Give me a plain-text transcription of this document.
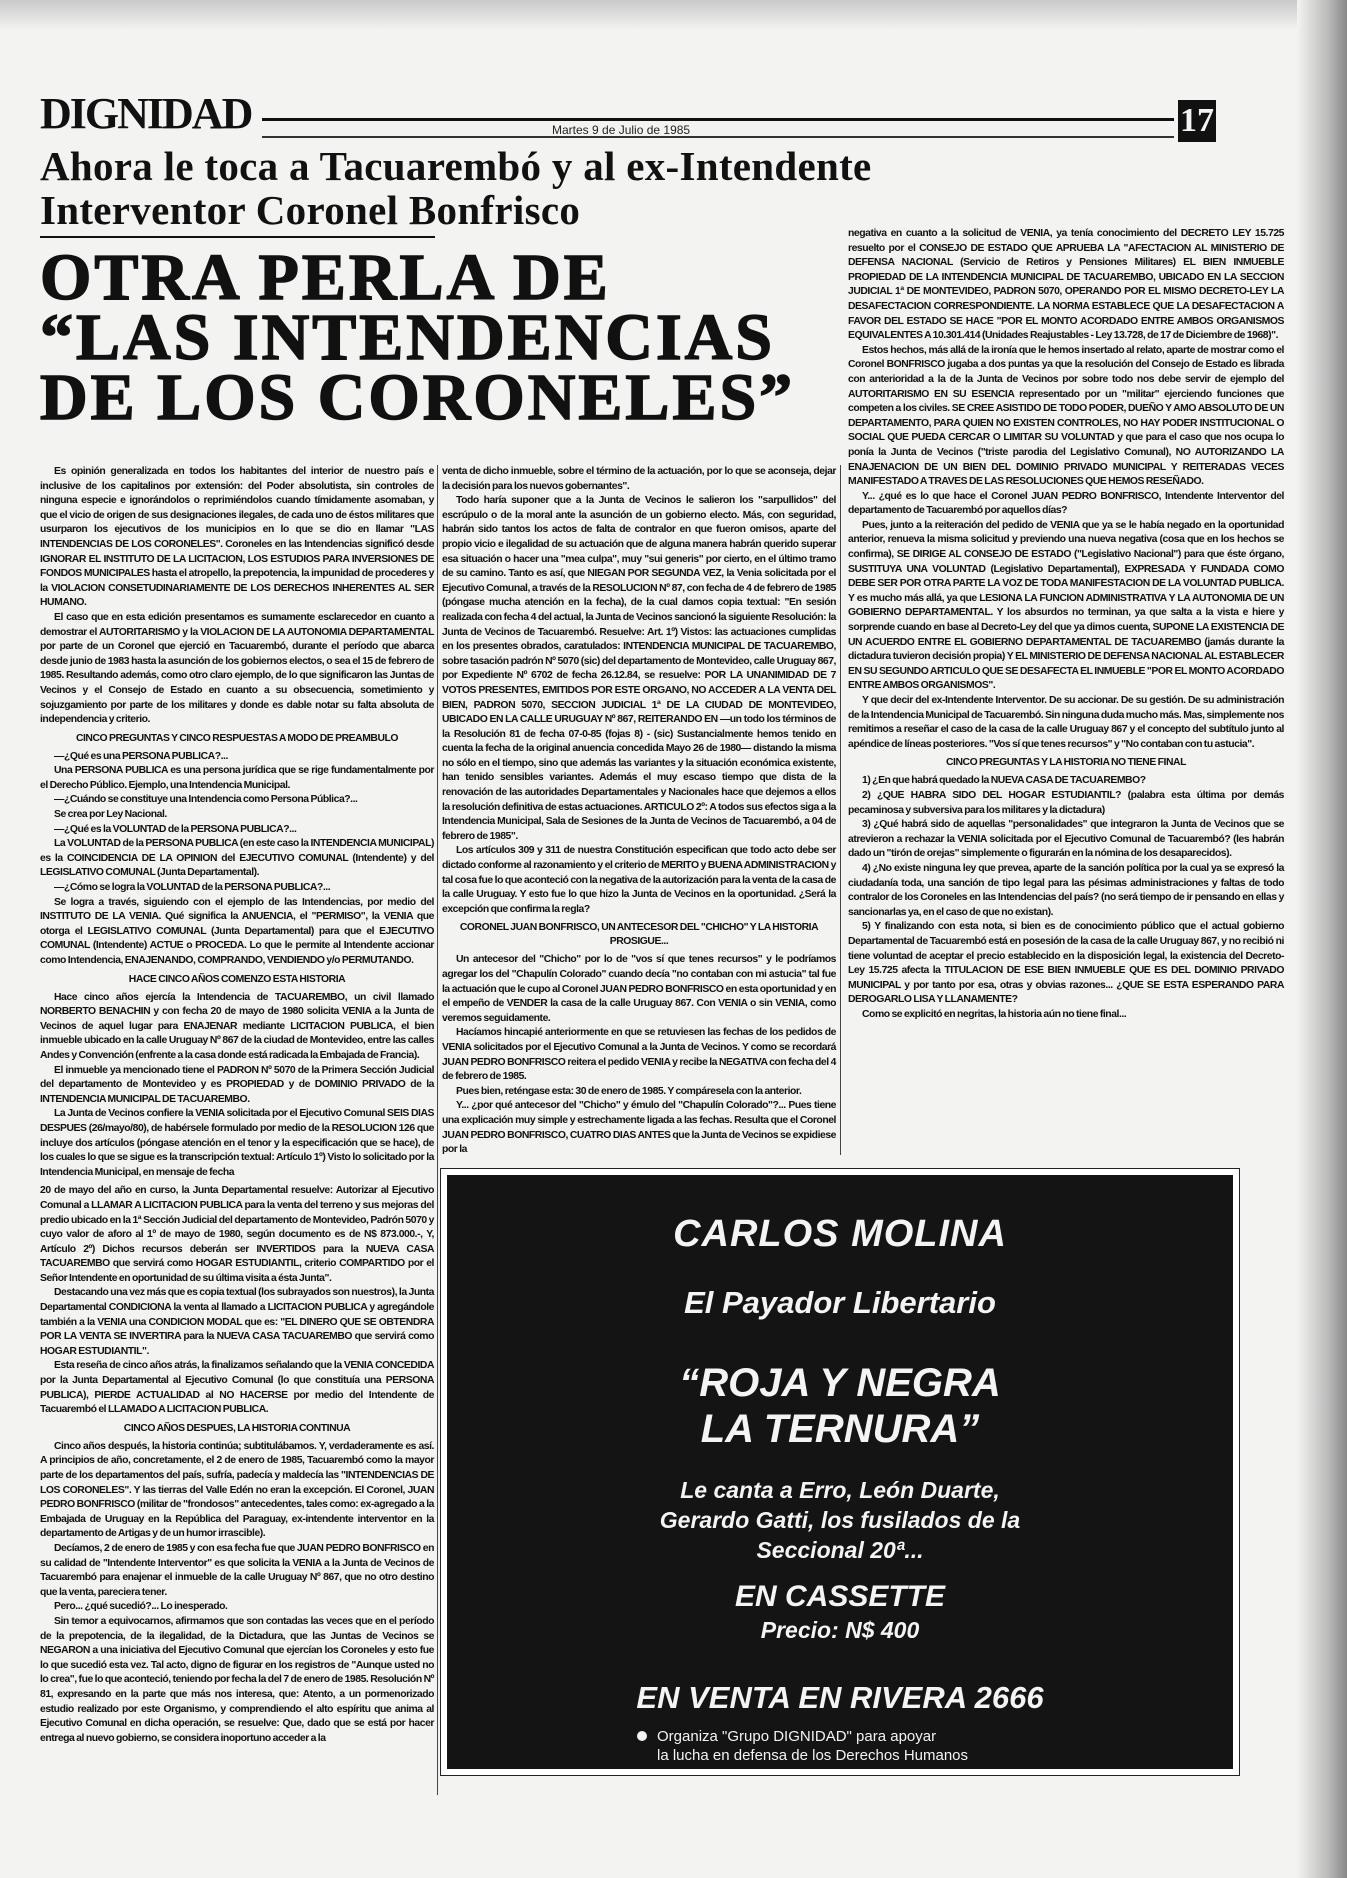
DIGNIDAD	Martes 9 de Julio de 1985	17
Ahora le toca a Tacuarembó y al ex-Intendente
Interventor Coronel Bonfrisco
OTRA PERLA DE
“LAS INTENDENCIAS
DE LOS CORONELES”

Es opinión generalizada en todos los habitantes del interior de nuestro país e inclusive de los capitalinos por extensión: del Poder absolutista, sin controles de ninguna especie e ignorándolos o reprimiéndolos cuando tímidamente asomaban, y que el vicio de origen de sus designaciones ilegales, de cada uno de éstos militares que usurparon los ejecutivos de los municipios en lo que se dio en llamar "LAS INTENDENCIAS DE LOS CORONELES". Coroneles en las Intendencias significó desde IGNORAR EL INSTITUTO DE LA LICITACION, LOS ESTUDIOS PARA INVERSIONES DE FONDOS MUNICIPALES hasta el atropello, la prepotencia, la impunidad de procederes y la VIOLACION CONSETUDINARIAMENTE DE LOS DERECHOS INHERENTES AL SER HUMANO.

El caso que en esta edición presentamos es sumamente esclarecedor en cuanto a demostrar el AUTORITARISMO y la VIOLACION DE LA AUTONOMIA DEPARTAMENTAL por parte de un Coronel que ejerció en Tacuarembó, durante el período que abarca desde junio de 1983 hasta la asunción de los gobiernos electos, o sea el 15 de febrero de 1985. Resultando además, como otro claro ejemplo, de lo que significaron las Juntas de Vecinos y el Consejo de Estado en cuanto a su obsecuencia, sometimiento y sojuzgamiento por parte de los militares y donde es dable notar su falta absoluta de independencia y criterio.

CINCO PREGUNTAS Y CINCO RESPUESTAS A MODO DE PREAMBULO

—¿Qué es una PERSONA PUBLICA?...

Una PERSONA PUBLICA es una persona jurídica que se rige fundamentalmente por el Derecho Público. Ejemplo, una Intendencia Municipal.

—¿Cuándo se constituye una Intendencia como Persona Pública?...

Se crea por Ley Nacional.

—¿Qué es la VOLUNTAD de la PERSONA PUBLICA?...

La VOLUNTAD de la PERSONA PUBLICA (en este caso la INTENDENCIA MUNICIPAL) es la COINCIDENCIA DE LA OPINION del EJECUTIVO COMUNAL (Intendente) y del LEGISLATIVO COMUNAL (Junta Departamental).

—¿Cómo se logra la VOLUNTAD de la PERSONA PUBLICA?...

Se logra a través, siguiendo con el ejemplo de las Intendencias, por medio del INSTITUTO DE LA VENIA. Qué significa la ANUENCIA, el "PERMISO", la VENIA que otorga el LEGISLATIVO COMUNAL (Junta Departamental) para que el EJECUTIVO COMUNAL (Intendente) ACTUE o PROCEDA. Lo que le permite al Intendente accionar como Intendencia, ENAJENANDO, COMPRANDO, VENDIENDO y/o PERMUTANDO.

HACE CINCO AÑOS COMENZO ESTA HISTORIA

Hace cinco años ejercía la Intendencia de TACUAREMBO, un civil llamado NORBERTO BENACHIN y con fecha 20 de mayo de 1980 solicita VENIA a la Junta de Vecinos de aquel lugar para ENAJENAR mediante LICITACION PUBLICA, el bien inmueble ubicado en la calle Uruguay Nº 867 de la ciudad de Montevideo, entre las calles Andes y Convención (enfrente a la casa donde está radicada la Embajada de Francia).

El inmueble ya mencionado tiene el PADRON Nº 5070 de la Primera Sección Judicial del departamento de Montevideo y es PROPIEDAD y de DOMINIO PRIVADO de la INTENDENCIA MUNICIPAL DE TACUAREMBO.

La Junta de Vecinos confiere la VENIA solicitada por el Ejecutivo Comunal SEIS DIAS DESPUES (26/mayo/80), de habérsele formulado por medio de la RESOLUCION 126 que incluye dos artículos (póngase atención en el tenor y la especificación que se hace), de los cuales lo que se sigue es la transcripción textual: Artículo 1º) Visto lo solicitado por la Intendencia Municipal, en mensaje de fecha

20 de mayo del año en curso, la Junta Departamental resuelve: Autorizar al Ejecutivo Comunal a LLAMAR A LICITACION PUBLICA para la venta del terreno y sus mejoras del predio ubicado en la 1ª Sección Judicial del departamento de Montevideo, Padrón 5070 y cuyo valor de aforo al 1º de mayo de 1980, según documento es de N$ 873.000.-, Y, Artículo 2º) Dichos recursos deberán ser INVERTIDOS para la NUEVA CASA TACUAREMBO que servirá como HOGAR ESTUDIANTIL, criterio COMPARTIDO por el Señor Intendente en oportunidad de su última visita a ésta Junta".

Destacando una vez más que es copia textual (los subrayados son nuestros), la Junta Departamental CONDICIONA la venta al llamado a LICITACION PUBLICA y agregándole también a la VENIA una CONDICION MODAL que es: "EL DINERO QUE SE OBTENDRA POR LA VENTA SE INVERTIRA para la NUEVA CASA TACUAREMBO que servirá como HOGAR ESTUDIANTIL".

Esta reseña de cinco años atrás, la finalizamos señalando que la VENIA CONCEDIDA por la Junta Departamental al Ejecutivo Comunal (lo que constituía una PERSONA PUBLICA), PIERDE ACTUALIDAD al NO HACERSE por medio del Intendente de Tacuarembó el LLAMADO A LICITACION PUBLICA.

CINCO AÑOS DESPUES, LA HISTORIA CONTINUA

Cinco años después, la historia continúa; subtitulábamos. Y, verdaderamente es así. A principios de año, concretamente, el 2 de enero de 1985, Tacuarembó como la mayor parte de los departamentos del país, sufría, padecía y maldecía las "INTENDENCIAS DE LOS CORONELES". Y las tierras del Valle Edén no eran la excepción. El Coronel, JUAN PEDRO BONFRISCO (militar de "frondosos" antecedentes, tales como: ex-agregado a la Embajada de Uruguay en la República del Paraguay, ex-intendente interventor en la departamento de Artigas y de un humor irrascible).

Decíamos, 2 de enero de 1985 y con esa fecha fue que JUAN PEDRO BONFRISCO en su calidad de "Intendente Interventor" es que solicita la VENIA a la Junta de Vecinos de Tacuarembó para enajenar el inmueble de la calle Uruguay Nº 867, que no otro destino que la venta, pareciera tener.

Pero... ¿qué sucedió?... Lo inesperado.

Sin temor a equivocarnos, afirmamos que son contadas las veces que en el período de la prepotencia, de la ilegalidad, de la Dictadura, que las Juntas de Vecinos se NEGARON a una iniciativa del Ejecutivo Comunal que ejercían los Coroneles y esto fue lo que sucedió esta vez. Tal acto, digno de figurar en los registros de "Aunque usted no lo crea", fue lo que aconteció, teniendo por fecha la del 7 de enero de 1985. Resolución Nº 81, expresando en la parte que más nos interesa, que: Atento, a un pormenorizado estudio realizado por este Organismo, y comprendiendo el alto espíritu que anima al Ejecutivo Comunal en dicha operación, se resuelve: Que, dado que se está por hacer entrega al nuevo gobierno, se considera inoportuno acceder a la

venta de dicho inmueble, sobre el término de la actuación, por lo que se aconseja, dejar la decisión para los nuevos gobernantes".

Todo haría suponer que a la Junta de Vecinos le salieron los "sarpullidos" del escrúpulo o de la moral ante la asunción de un gobierno electo. Más, con seguridad, habrán sido tantos los actos de falta de contralor en que fueron omisos, aparte del propio vicio e ilegalidad de su actuación que de alguna manera habrán querido superar esa situación o hacer una "mea culpa", muy "sui generis" por cierto, en el último tramo de su camino. Tanto es así, que NIEGAN POR SEGUNDA VEZ, la Venia solicitada por el Ejecutivo Comunal, a través de la RESOLUCION Nº 87, con fecha de 4 de febrero de 1985 (póngase mucha atención en la fecha), de la cual damos copia textual: "En sesión realizada con fecha 4 del actual, la Junta de Vecinos sancionó la siguiente Resolución: la Junta de Vecinos de Tacuarembó. Resuelve: Art. 1º) Vistos: las actuaciones cumplidas en los presentes obrados, caratulados: INTENDENCIA MUNICIPAL DE TACUAREMBO, sobre tasación padrón Nº 5070 (sic) del departamento de Montevideo, calle Uruguay 867, por Expediente Nº 6702 de fecha 26.12.84, se resuelve: POR LA UNANIMIDAD DE 7 VOTOS PRESENTES, EMITIDOS POR ESTE ORGANO, NO ACCEDER A LA VENTA DEL BIEN, PADRON 5070, SECCION JUDICIAL 1ª DE LA CIUDAD DE MONTEVIDEO, UBICADO EN LA CALLE URUGUAY Nº 867, REITERANDO EN —un todo los términos de la Resolución 81 de fecha 07-0-85 (fojas 8) - (sic) Sustancialmente hemos tenido en cuenta la fecha de la original anuencia concedida Mayo 26 de 1980— distando la misma no sólo en el tiempo, sino que además las variantes y la situación económica existente, han tenido sensibles variantes. Además el muy escaso tiempo que dista de la renovación de las autoridades Departamentales y Nacionales hace que dejemos a ellos la resolución definitiva de estas actuaciones. ARTICULO 2º: A todos sus efectos siga a la Intendencia Municipal, Sala de Sesiones de la Junta de Vecinos de Tacuarembó, a 04 de febrero de 1985".

Los artículos 309 y 311 de nuestra Constitución especifican que todo acto debe ser dictado conforme al razonamiento y el criterio de MERITO y BUENA ADMINISTRACION y tal cosa fue lo que aconteció con la negativa de la autorización para la venta de la casa de la calle Uruguay. Y esto fue lo que hizo la Junta de Vecinos en la oportunidad. ¿Será la excepción que confirma la regla?

CORONEL JUAN BONFRISCO, UN ANTECESOR DEL "CHICHO" Y LA HISTORIA PROSIGUE...

Un antecesor del "Chicho" por lo de "vos sí que tenes recursos" y le podríamos agregar los del "Chapulín Colorado" cuando decía "no contaban con mi astucia" tal fue la actuación que le cupo al Coronel JUAN PEDRO BONFRISCO en esta oportunidad y en el empeño de VENDER la casa de la calle Uruguay 867. Con VENIA o sin VENIA, como veremos seguidamente.

Hacíamos hincapié anteriormente en que se retuviesen las fechas de los pedidos de VENIA solicitados por el Ejecutivo Comunal a la Junta de Vecinos. Y como se recordará JUAN PEDRO BONFRISCO reitera el pedido VENIA y recibe la NEGATIVA con fecha del 4 de febrero de 1985.

Pues bien, reténgase esta: 30 de enero de 1985. Y compáresela con la anterior.

Y... ¿por qué antecesor del "Chicho" y émulo del "Chapulín Colorado"?... Pues tiene una explicación muy simple y estrechamente ligada a las fechas. Resulta que el Coronel JUAN PEDRO BONFRISCO, CUATRO DIAS ANTES que la Junta de Vecinos se expidiese por la

negativa en cuanto a la solicitud de VENIA, ya tenía conocimiento del DECRETO LEY 15.725 resuelto por el CONSEJO DE ESTADO QUE APRUEBA LA "AFECTACION AL MINISTERIO DE DEFENSA NACIONAL (Servicio de Retiros y Pensiones Militares) EL BIEN INMUEBLE PROPIEDAD DE LA INTENDENCIA MUNICIPAL DE TACUAREMBO, UBICADO EN LA SECCION JUDICIAL 1ª DE MONTEVIDEO, PADRON 5070, OPERANDO POR EL MISMO DECRETO-LEY LA DESAFECTACION CORRESPONDIENTE. LA NORMA ESTABLECE QUE LA DESAFECTACION A FAVOR DEL ESTADO SE HACE "POR EL MONTO ACORDADO ENTRE AMBOS ORGANISMOS EQUIVALENTES A 10.301.414 (Unidades Reajustables - Ley 13.728, de 17 de Diciembre de 1968)".

Estos hechos, más allá de la ironía que le hemos insertado al relato, aparte de mostrar como el Coronel BONFRISCO jugaba a dos puntas ya que la resolución del Consejo de Estado es librada con anterioridad a la de la Junta de Vecinos por sobre todo nos debe servir de ejemplo del AUTORITARISMO EN SU ESENCIA representado por un "militar" ejerciendo funciones que competen a los civiles. SE CREE ASISTIDO DE TODO PODER, DUEÑO Y AMO ABSOLUTO DE UN DEPARTAMENTO, PARA QUIEN NO EXISTEN CONTROLES, NO HAY PODER INSTITUCIONAL O SOCIAL QUE PUEDA CERCAR O LIMITAR SU VOLUNTAD y que para el caso que nos ocupa lo ponía la Junta de Vecinos ("triste parodia del Legislativo Comunal), NO AUTORIZANDO LA ENAJENACION DE UN BIEN DEL DOMINIO PRIVADO MUNICIPAL Y REITERADAS VECES MANIFESTADO A TRAVES DE LAS RESOLUCIONES QUE HEMOS RESEÑADO.

Y... ¿qué es lo que hace el Coronel JUAN PEDRO BONFRISCO, Intendente Interventor del departamento de Tacuarembó por aquellos días?

Pues, junto a la reiteración del pedido de VENIA que ya se le había negado en la oportunidad anterior, renueva la misma solicitud y previendo una nueva negativa (cosa que en los hechos se confirma), SE DIRIGE AL CONSEJO DE ESTADO ("Legislativo Nacional") para que éste órgano, SUSTITUYA UNA VOLUNTAD (Legislativo Departamental), EXPRESADA Y FUNDADA COMO DEBE SER POR OTRA PARTE LA VOZ DE TODA MANIFESTACION DE LA VOLUNTAD PUBLICA. Y es mucho más allá, ya que LESIONA LA FUNCION ADMINISTRATIVA Y LA AUTONOMIA DE UN GOBIERNO DEPARTAMENTAL. Y los absurdos no terminan, ya que salta a la vista e hiere y sorprende cuando en base al Decreto-Ley del que ya dimos cuenta, SUPONE LA EXISTENCIA DE UN ACUERDO ENTRE EL GOBIERNO DEPARTAMENTAL DE TACUAREMBO (jamás durante la dictadura tuvieron decisión propia) Y EL MINISTERIO DE DEFENSA NACIONAL AL ESTABLECER EN SU SEGUNDO ARTICULO QUE SE DESAFECTA EL INMUEBLE "POR EL MONTO ACORDADO ENTRE AMBOS ORGANISMOS".

Y que decir del ex-Intendente Interventor. De su accionar. De su gestión. De su administración de la Intendencia Municipal de Tacuarembó. Sin ninguna duda mucho más. Mas, simplemente nos remitimos a reseñar el caso de la casa de la calle Uruguay 867 y el concepto del subtítulo junto al apéndice de líneas posteriores. "Vos sí que tenes recursos" y "No contaban con tu astucia".

CINCO PREGUNTAS Y LA HISTORIA NO TIENE FINAL

1) ¿En que habrá quedado la NUEVA CASA DE TACUAREMBO?

2) ¿QUE HABRA SIDO DEL HOGAR ESTUDIANTIL? (palabra esta última por demás pecaminosa y subversiva para los militares y la dictadura)

3) ¿Qué habrá sido de aquellas "personalidades" que integraron la Junta de Vecinos que se atrevieron a rechazar la VENIA solicitada por el Ejecutivo Comunal de Tacuarembó? (les habrán dado un "tirón de orejas" simplemente o figurarán en la nómina de los desaparecidos).

4) ¿No existe ninguna ley que prevea, aparte de la sanción política por la cual ya se expresó la ciudadanía toda, una sanción de tipo legal para las pésimas administraciones y faltas de todo contralor de los Coroneles en las Intendencias del país? (no será tiempo de ir pensando en ellas y sancionarlas ya, en el caso de que no existan).

5) Y finalizando con esta nota, si bien es de conocimiento público que el actual gobierno Departamental de Tacuarembó está en posesión de la casa de la calle Uruguay 867, y no recibió ni tiene voluntad de aceptar el precio establecido en la disposición legal, la existencia del Decreto-Ley 15.725 afecta la TITULACION DE ESE BIEN INMUEBLE QUE ES DEL DOMINIO PRIVADO MUNICIPAL y por tanto por esa, otras y obvias razones... ¿QUE SE ESTA ESPERANDO PARA DEROGARLO LISA Y LLANAMENTE?

Como se explicitó en negritas, la historia aún no tiene final...

CARLOS MOLINA
El Payador Libertario
“ROJA Y NEGRA
LA TERNURA”
Le canta a Erro, León Duarte,
Gerardo Gatti, los fusilados de la
Seccional 20ª...
EN CASSETTE
Precio: N$ 400
EN VENTA EN RIVERA 2666
Organiza "Grupo DIGNIDAD" para apoyar
la lucha en defensa de los Derechos Humanos
